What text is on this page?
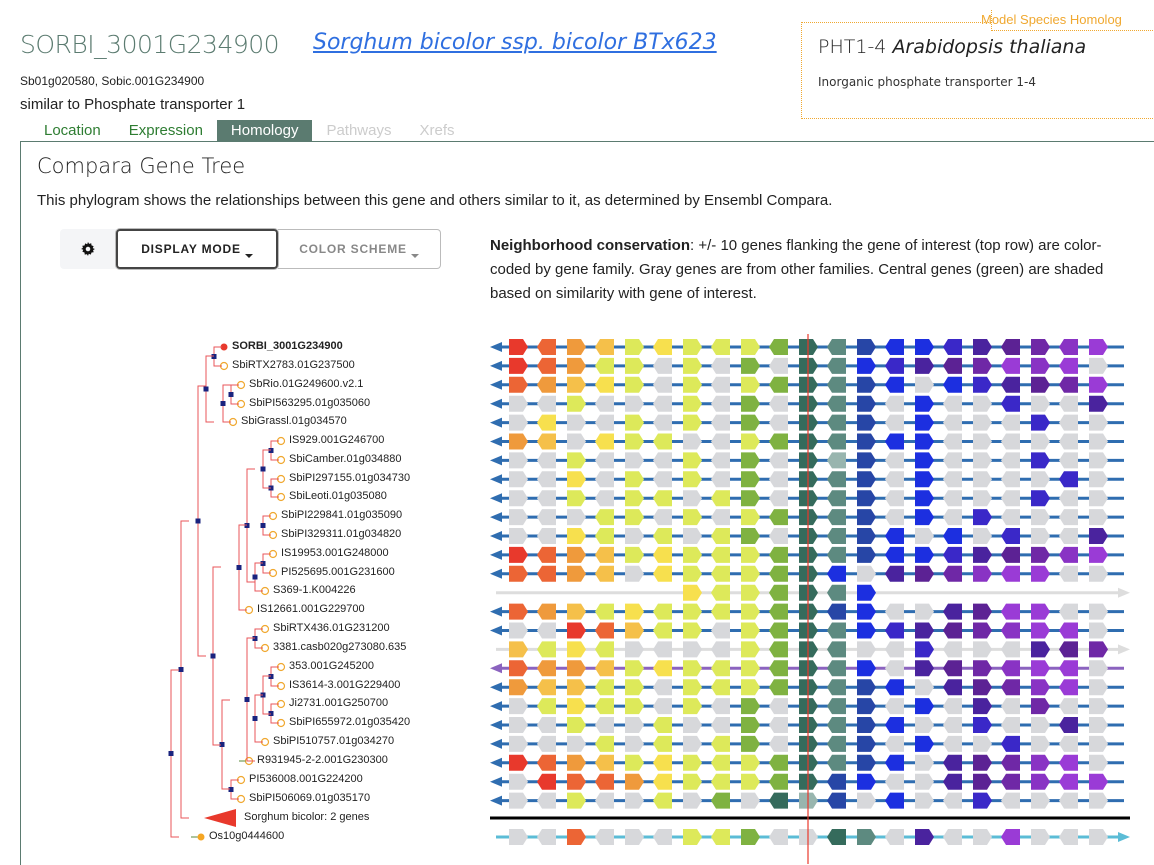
SORBI_3001G234900 Sorghum bicolor ssp. bicolor BTx623
Sb01g020580, Sobic.001G234900
similar to Phosphate transporter 1
Model Species Homolog
PHT1-4 Arabidopsis thaliana
Inorganic phosphate transporter 1-4
Location	Expression	Homology	Pathways	Xrefs
Compara Gene Tree
This phylogram shows the relationships between this gene and others similar to it, as determined by Ensembl Compara.
DISPLAY MODE	COLOR SCHEME	Neighborhood conservation: +/- 10 genes flanking the gene of interest (top row) are color-coded by gene family. Gray genes are from other families. Central genes (green) are shaded based on similarity with gene of interest.
SORBI_3001G234900
SbiRTX2783.01G237500
SbRio.01G249600.v2.1
SbiPI563295.01g035060
SbiGrassl.01g034570
IS929.001G246700
SbiCamber.01g034880
SbiPI297155.01g034730
SbiLeoti.01g035080
SbiPI229841.01g035090
SbiPI329311.01g034820
IS19953.001G248000
PI525695.001G231600
S369-1.K004226
IS12661.001G229700
SbiRTX436.01G231200
3381.casb020g273080.635
353.001G245200
IS3614-3.001G229400
Ji2731.001G250700
SbiPI655972.01g035420
SbiPI510757.01g034270
R931945-2-2.001G230300
PI536008.001G224200
SbiPI506069.01g035170
Sorghum bicolor: 2 genes
Os10g0444600
